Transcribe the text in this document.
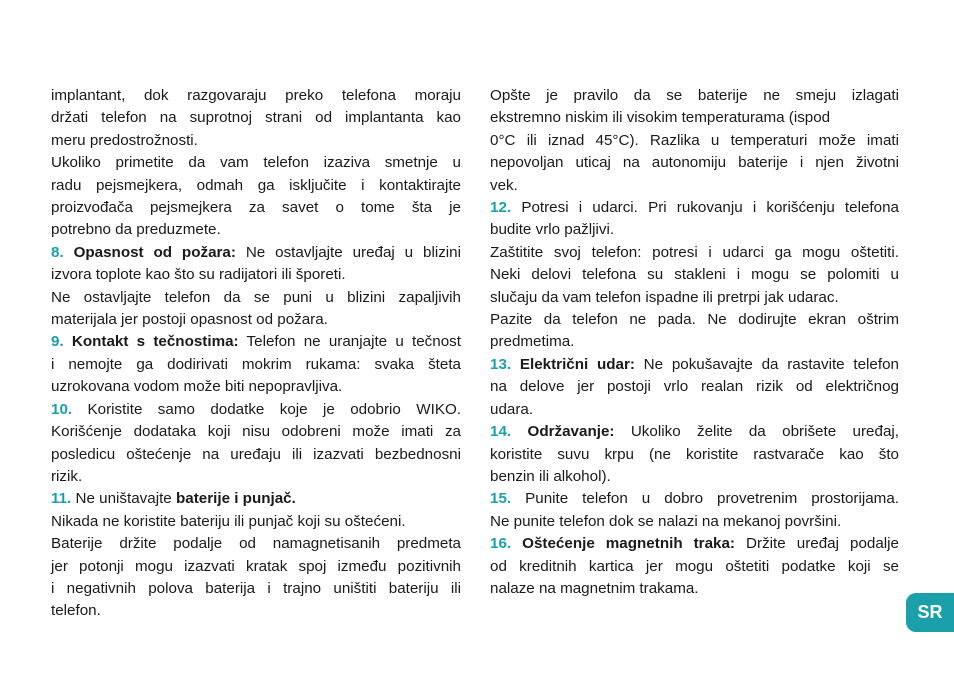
implantant, dok razgovaraju preko telefona moraju
držati telefon na suprotnoj strani od implantanta kao
meru predostrožnosti.
Ukoliko primetite da vam telefon izaziva smetnje u
radu pejsmejkera, odmah ga isključite i kontaktirajte
proizvođača pejsmejkera za savet o tome šta je
potrebno da preduzmete.
8. Opasnost od požara: Ne ostavljajte uređaj u blizini
izvora toplote kao što su radijatori ili šporeti.
Ne ostavljajte telefon da se puni u blizini zapaljivih
materijala jer postoji opasnost od požara.
9. Kontakt s tečnostima: Telefon ne uranjajte u tečnost
i nemojte ga dodirivati mokrim rukama: svaka šteta
uzrokovana vodom može biti nepopravljiva.
10. Koristite samo dodatke koje je odobrio WIKO.
Korišćenje dodataka koji nisu odobreni može imati za
posledicu oštećenje na uređaju ili izazvati bezbednosni
rizik.
11. Ne uništavajte baterije i punjač.
Nikada ne koristite bateriju ili punjač koji su oštećeni.
Baterije držite podalje od namagnetisanih predmeta
jer potonji mogu izazvati kratak spoj između pozitivnih
i negativnih polova baterija i trajno uništiti bateriju ili
telefon.
Opšte je pravilo da se baterije ne smeju izlagati
ekstremno niskim ili visokim temperaturama (ispod
0°C ili iznad 45°C). Razlika u temperaturi može imati
nepovoljan uticaj na autonomiju baterije i njen životni
vek.
12. Potresi i udarci. Pri rukovanju i korišćenju telefona
budite vrlo pažljivi.
Zaštitite svoj telefon: potresi i udarci ga mogu oštetiti.
Neki delovi telefona su stakleni i mogu se polomiti u
slučaju da vam telefon ispadne ili pretrpi jak udarac.
Pazite da telefon ne pada. Ne dodirujte ekran oštrim
predmetima.
13. Električni udar: Ne pokušavajte da rastavite telefon
na delove jer postoji vrlo realan rizik od električnog
udara.
14. Održavanje: Ukoliko želite da obrišete uređaj,
koristite suvu krpu (ne koristite rastvarače kao što
benzin ili alkohol).
15. Punite telefon u dobro provetrenim prostorijama.
Ne punite telefon dok se nalazi na mekanoj površini.
16. Oštećenje magnetnih traka: Držite uređaj podalje
od kreditnih kartica jer mogu oštetiti podatke koji se
nalaze na magnetnim trakama.
SR
